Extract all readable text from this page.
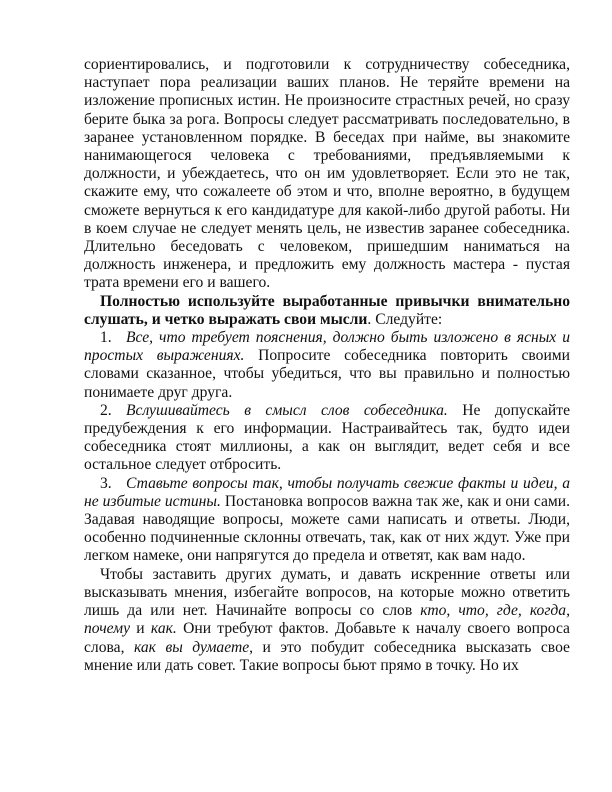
сориентировались, и подготовили к сотрудничеству собеседника, наступает пора реализации ваших планов. Не теряйте времени на изложение прописных истин. Не произносите страстных речей, но сразу берите быка за рога. Вопросы следует рассматривать последовательно, в заранее установленном порядке. В беседах при найме, вы знакомите нанимающегося человека с требованиями, предъявляемыми к должности, и убеждаетесь, что он им удовлетворяет. Если это не так, скажите ему, что сожалеете об этом и что, вполне вероятно, в будущем сможете вернуться к его кандидатуре для какой-либо другой работы. Ни в коем случае не следует менять цель, не известив заранее собеседника. Длительно беседовать с человеком, пришедшим наниматься на должность инженера, и предложить ему должность мастера - пустая трата времени его и вашего.

Полностью используйте выработанные привычки внимательно слушать, и четко выражать свои мысли. Следуйте:

1. Все, что требует пояснения, должно быть изложено в ясных и простых выражениях. Попросите собеседника повторить своими словами сказанное, чтобы убедиться, что вы правильно и полностью понимаете друг друга.

2. Вслушивайтесь в смысл слов собеседника. Не допускайте предубеждения к его информации. Настраивайтесь так, будто идеи собеседника стоят миллионы, а как он выглядит, ведет себя и все остальное следует отбросить.

3. Ставьте вопросы так, чтобы получать свежие факты и идеи, а не избитые истины. Постановка вопросов важна так же, как и они сами. Задавая наводящие вопросы, можете сами написать и ответы. Люди, особенно подчиненные склонны отвечать, так, как от них ждут. Уже при легком намеке, они напрягутся до предела и ответят, как вам надо.

Чтобы заставить других думать, и давать искренние ответы или высказывать мнения, избегайте вопросов, на которые можно ответить лишь да или нет. Начинайте вопросы со слов кто, что, где, когда, почему и как. Они требуют фактов. Добавьте к началу своего вопроса слова, как вы думаете, и это побудит собеседника высказать свое мнение или дать совет. Такие вопросы бьют прямо в точку. Но их
